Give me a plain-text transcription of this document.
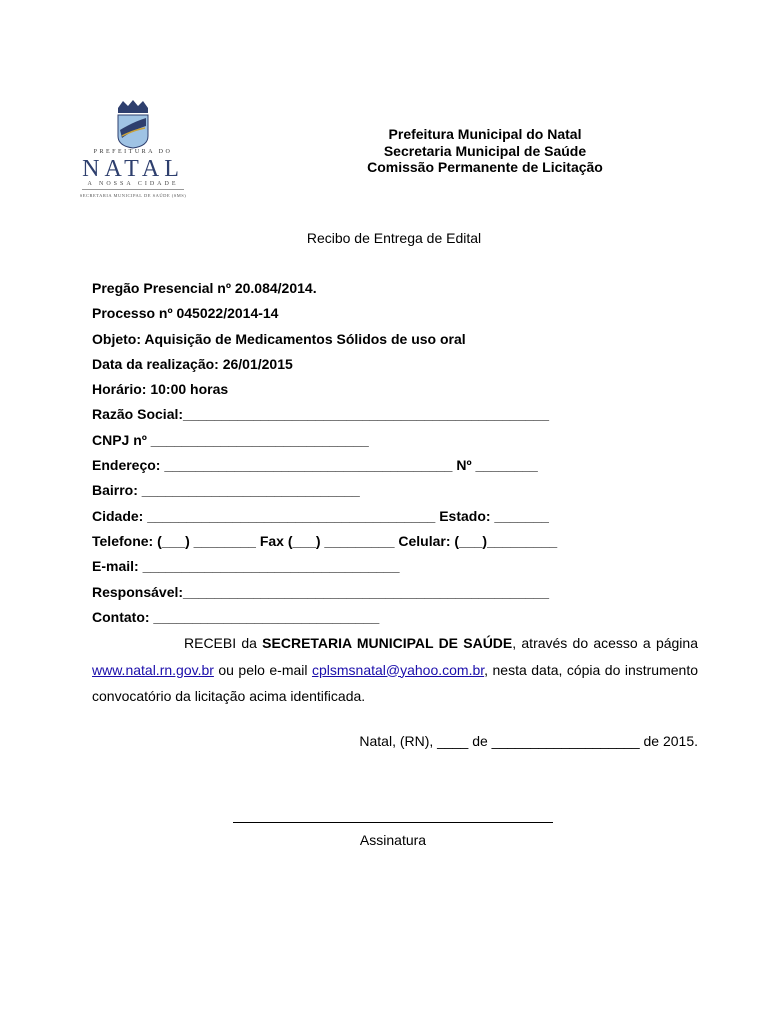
PREFEITURA DO
NATAL
A NOSSA CIDADE
SECRETARIA MUNICIPAL DE SAÚDE (SMS)
Prefeitura Municipal do Natal
Secretaria Municipal de Saúde
Comissão Permanente de Licitação
Recibo de Entrega de Edital
Pregão Presencial nº 20.084/2014.
Processo nº 045022/2014-14
Objeto: Aquisição de Medicamentos Sólidos de uso oral
Data da realização: 26/01/2015
Horário: 10:00 horas
Razão Social:_______________________________________________
CNPJ nº ____________________________
Endereço: _____________________________________ Nº ________
Bairro: ____________________________
Cidade: _____________________________________ Estado: _______
Telefone: (___) ________ Fax (___) _________ Celular: (___)_________
E-mail: _________________________________
Responsável:_______________________________________________
Contato: _____________________________
RECEBI da SECRETARIA MUNICIPAL DE SAÚDE, através do acesso a página www.natal.rn.gov.br ou pelo e-mail cplsmsnatal@yahoo.com.br, nesta data, cópia do instrumento convocatório da licitação acima identificada.
Natal, (RN), ____ de ___________________ de 2015.
Assinatura
